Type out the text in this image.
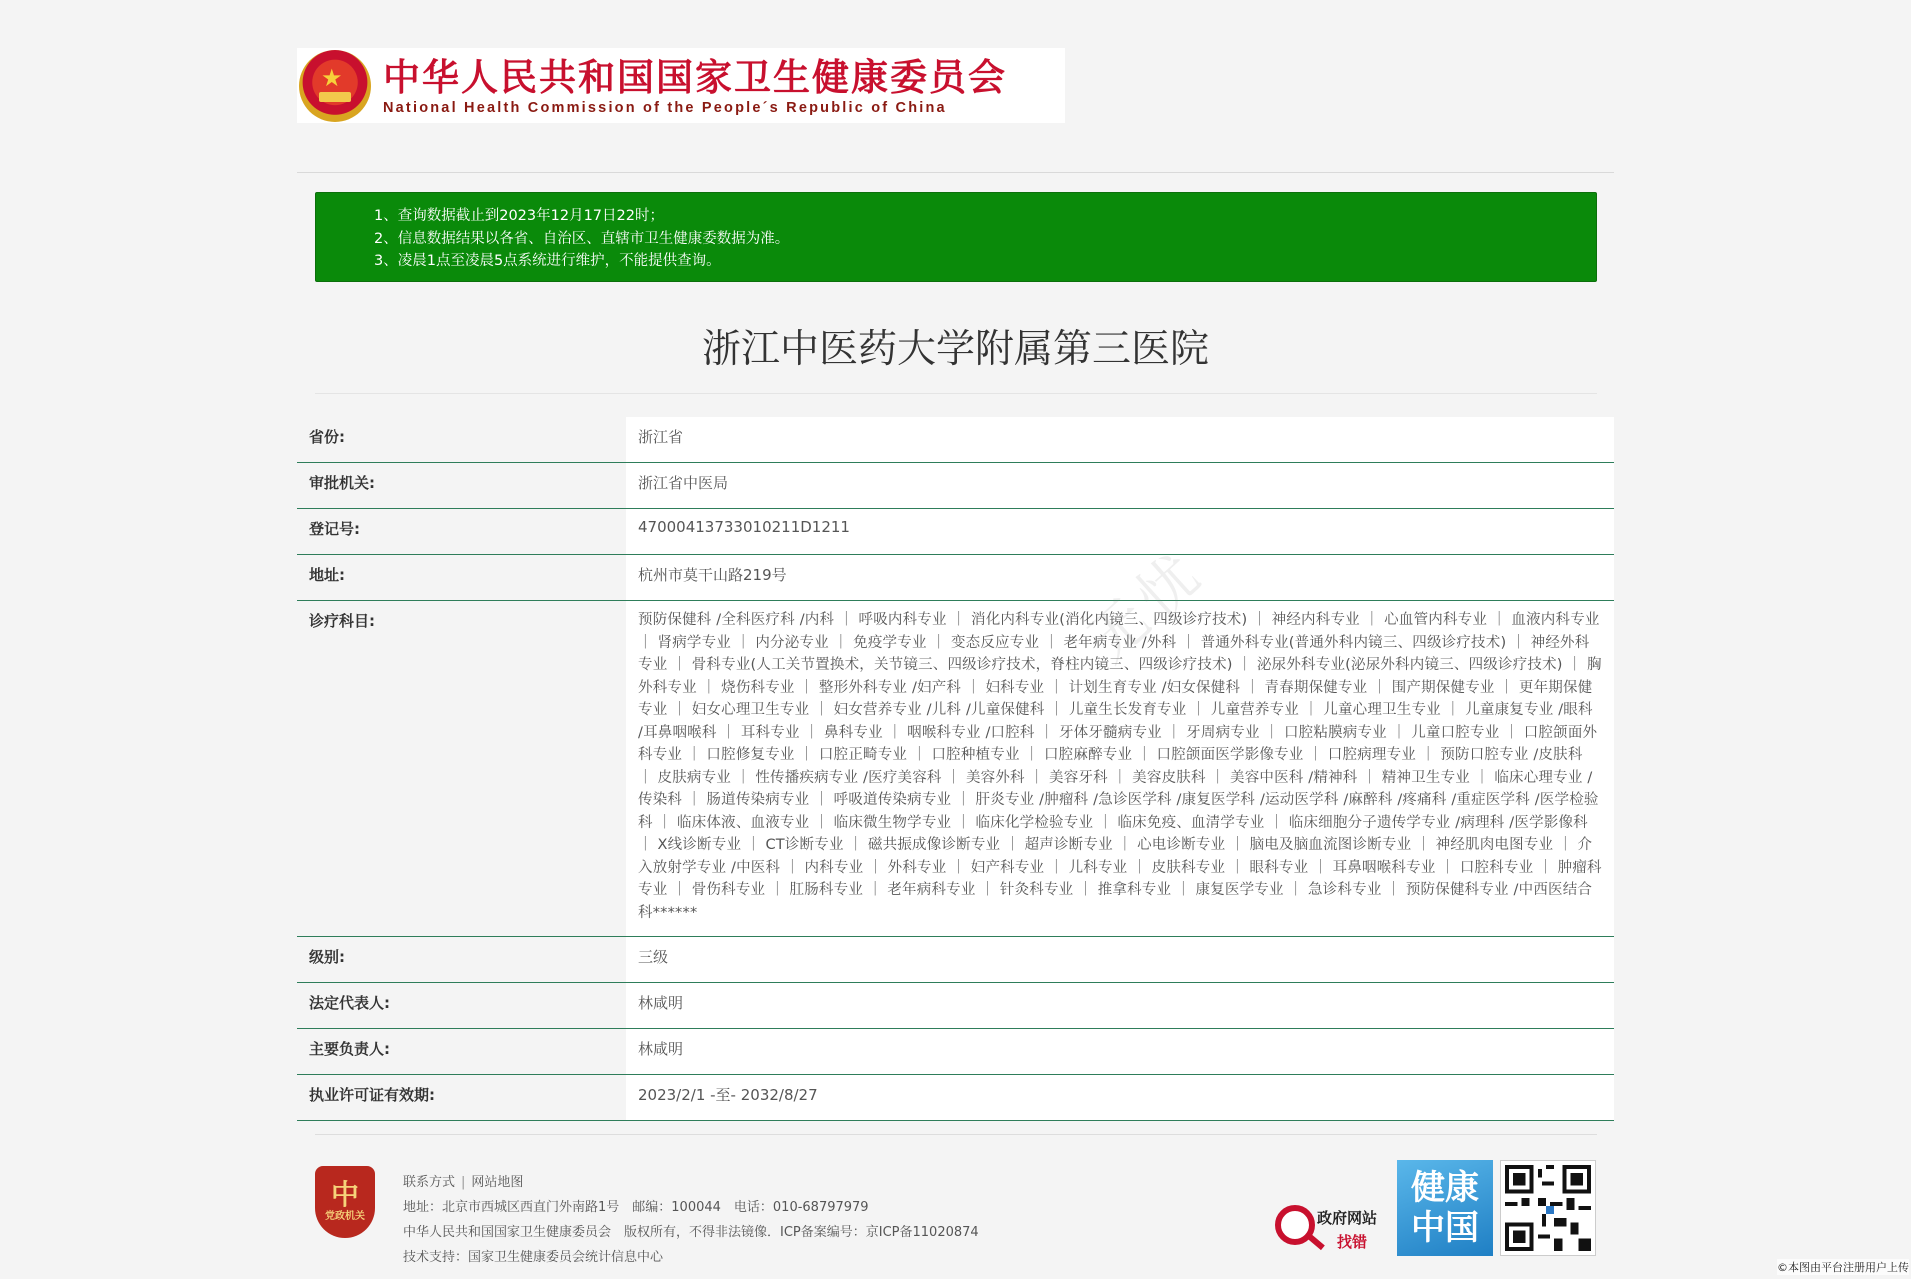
★ 中华人民共和国国家卫生健康委员会
National Health Commission of the People´s Republic of China
1、查询数据截止到2023年12月17日22时；
2、信息数据结果以各省、自治区、直辖市卫生健康委数据为准。
3、凌晨1点至凌晨5点系统进行维护，不能提供查询。
浙江中医药大学附属第三医院
省份:	浙江省
审批机关:	浙江省中医局
登记号:	47000413733010211D1211
地址:	杭州市莫干山路219号
诊疗科目:	预防保健科 /全科医疗科 /内科 ｜ 呼吸内科专业 ｜ 消化内科专业(消化内镜三、四级诊疗技术) ｜ 神经内科专业 ｜ 心血管内科专业 ｜ 血液内科专业 ｜ 肾病学专业 ｜ 内分泌专业 ｜ 免疫学专业 ｜ 变态反应专业 ｜ 老年病专业 /外科 ｜ 普通外科专业(普通外科内镜三、四级诊疗技术) ｜ 神经外科专业 ｜ 骨科专业(人工关节置换术，关节镜三、四级诊疗技术，脊柱内镜三、四级诊疗技术) ｜ 泌尿外科专业(泌尿外科内镜三、四级诊疗技术) ｜ 胸外科专业 ｜ 烧伤科专业 ｜ 整形外科专业 /妇产科 ｜ 妇科专业 ｜ 计划生育专业 /妇女保健科 ｜ 青春期保健专业 ｜ 围产期保健专业 ｜ 更年期保健专业 ｜ 妇女心理卫生专业 ｜ 妇女营养专业 /儿科 /儿童保健科 ｜ 儿童生长发育专业 ｜ 儿童营养专业 ｜ 儿童心理卫生专业 ｜ 儿童康复专业 /眼科 /耳鼻咽喉科 ｜ 耳科专业 ｜ 鼻科专业 ｜ 咽喉科专业 /口腔科 ｜ 牙体牙髓病专业 ｜ 牙周病专业 ｜ 口腔粘膜病专业 ｜ 儿童口腔专业 ｜ 口腔颌面外科专业 ｜ 口腔修复专业 ｜ 口腔正畸专业 ｜ 口腔种植专业 ｜ 口腔麻醉专业 ｜ 口腔颌面医学影像专业 ｜ 口腔病理专业 ｜ 预防口腔专业 /皮肤科 ｜ 皮肤病专业 ｜ 性传播疾病专业 /医疗美容科 ｜ 美容外科 ｜ 美容牙科 ｜ 美容皮肤科 ｜ 美容中医科 /精神科 ｜ 精神卫生专业 ｜ 临床心理专业 /传染科 ｜ 肠道传染病专业 ｜ 呼吸道传染病专业 ｜ 肝炎专业 /肿瘤科 /急诊医学科 /康复医学科 /运动医学科 /麻醉科 /疼痛科 /重症医学科 /医学检验科 ｜ 临床体液、血液专业 ｜ 临床微生物学专业 ｜ 临床化学检验专业 ｜ 临床免疫、血清学专业 ｜ 临床细胞分子遗传学专业 /病理科 /医学影像科 ｜ X线诊断专业 ｜ CT诊断专业 ｜ 磁共振成像诊断专业 ｜ 超声诊断专业 ｜ 心电诊断专业 ｜ 脑电及脑血流图诊断专业 ｜ 神经肌肉电图专业 ｜ 介入放射学专业 /中医科 ｜ 内科专业 ｜ 外科专业 ｜ 妇产科专业 ｜ 儿科专业 ｜ 皮肤科专业 ｜ 眼科专业 ｜ 耳鼻咽喉科专业 ｜ 口腔科专业 ｜ 肿瘤科专业 ｜ 骨伤科专业 ｜ 肛肠科专业 ｜ 老年病科专业 ｜ 针灸科专业 ｜ 推拿科专业 ｜ 康复医学专业 ｜ 急诊科专业 ｜ 预防保健科专业 /中西医结合科******
级别:	三级
法定代表人:	林咸明
主要负责人:	林咸明
执业许可证有效期:	2023/2/1 -至- 2032/8/27
中
党政机关
联系方式 | 网站地图
地址：北京市西城区西直门外南路1号　邮编：100044　电话：010-68797979
中华人民共和国国家卫生健康委员会　版权所有，不得非法镜像．ICP备案编号：京ICP备11020874
技术支持：国家卫生健康委员会统计信息中心
政府网站
找错
健康
中国
©本图由平台注册用户上传
